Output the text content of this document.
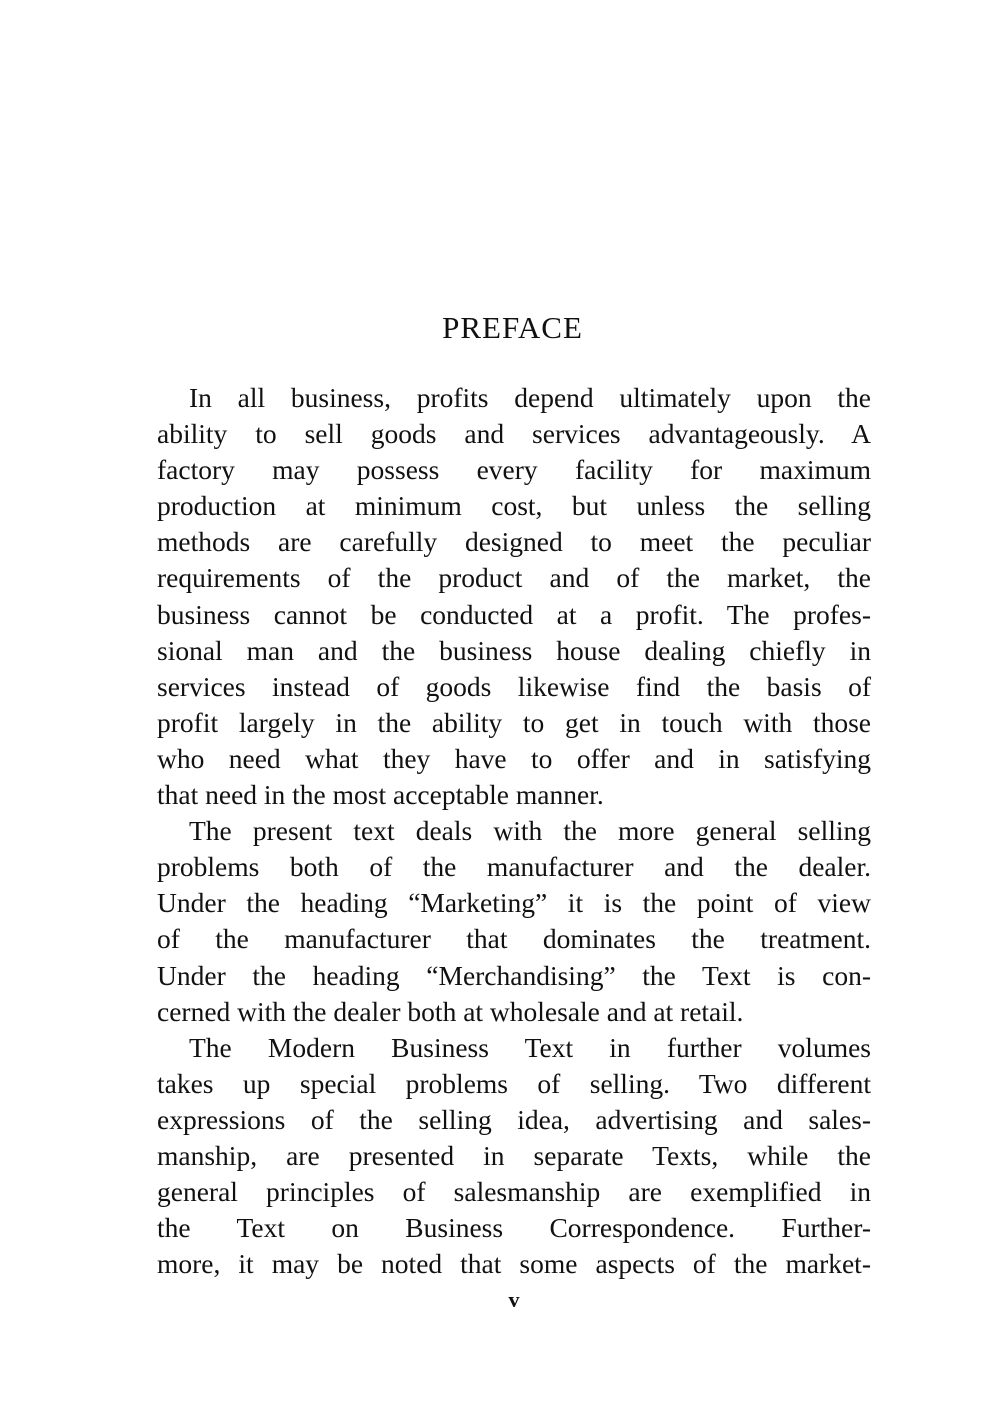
PREFACE
In all business, profits depend ultimately upon the
ability to sell goods and services advantageously. A
factory may possess every facility for maximum
production at minimum cost, but unless the selling
methods are carefully designed to meet the peculiar
requirements of the product and of the market, the
business cannot be conducted at a profit. The profes-
sional man and the business house dealing chiefly in
services instead of goods likewise find the basis of
profit largely in the ability to get in touch with those
who need what they have to offer and in satisfying
that need in the most acceptable manner.
The present text deals with the more general selling
problems both of the manufacturer and the dealer.
Under the heading “Marketing” it is the point of view
of the manufacturer that dominates the treatment.
Under the heading “Merchandising” the Text is con-
cerned with the dealer both at wholesale and at retail.
The Modern Business Text in further volumes
takes up special problems of selling. Two different
expressions of the selling idea, advertising and sales-
manship, are presented in separate Texts, while the
general principles of salesmanship are exemplified in
the Text on Business Correspondence. Further-
more, it may be noted that some aspects of the market-
v
